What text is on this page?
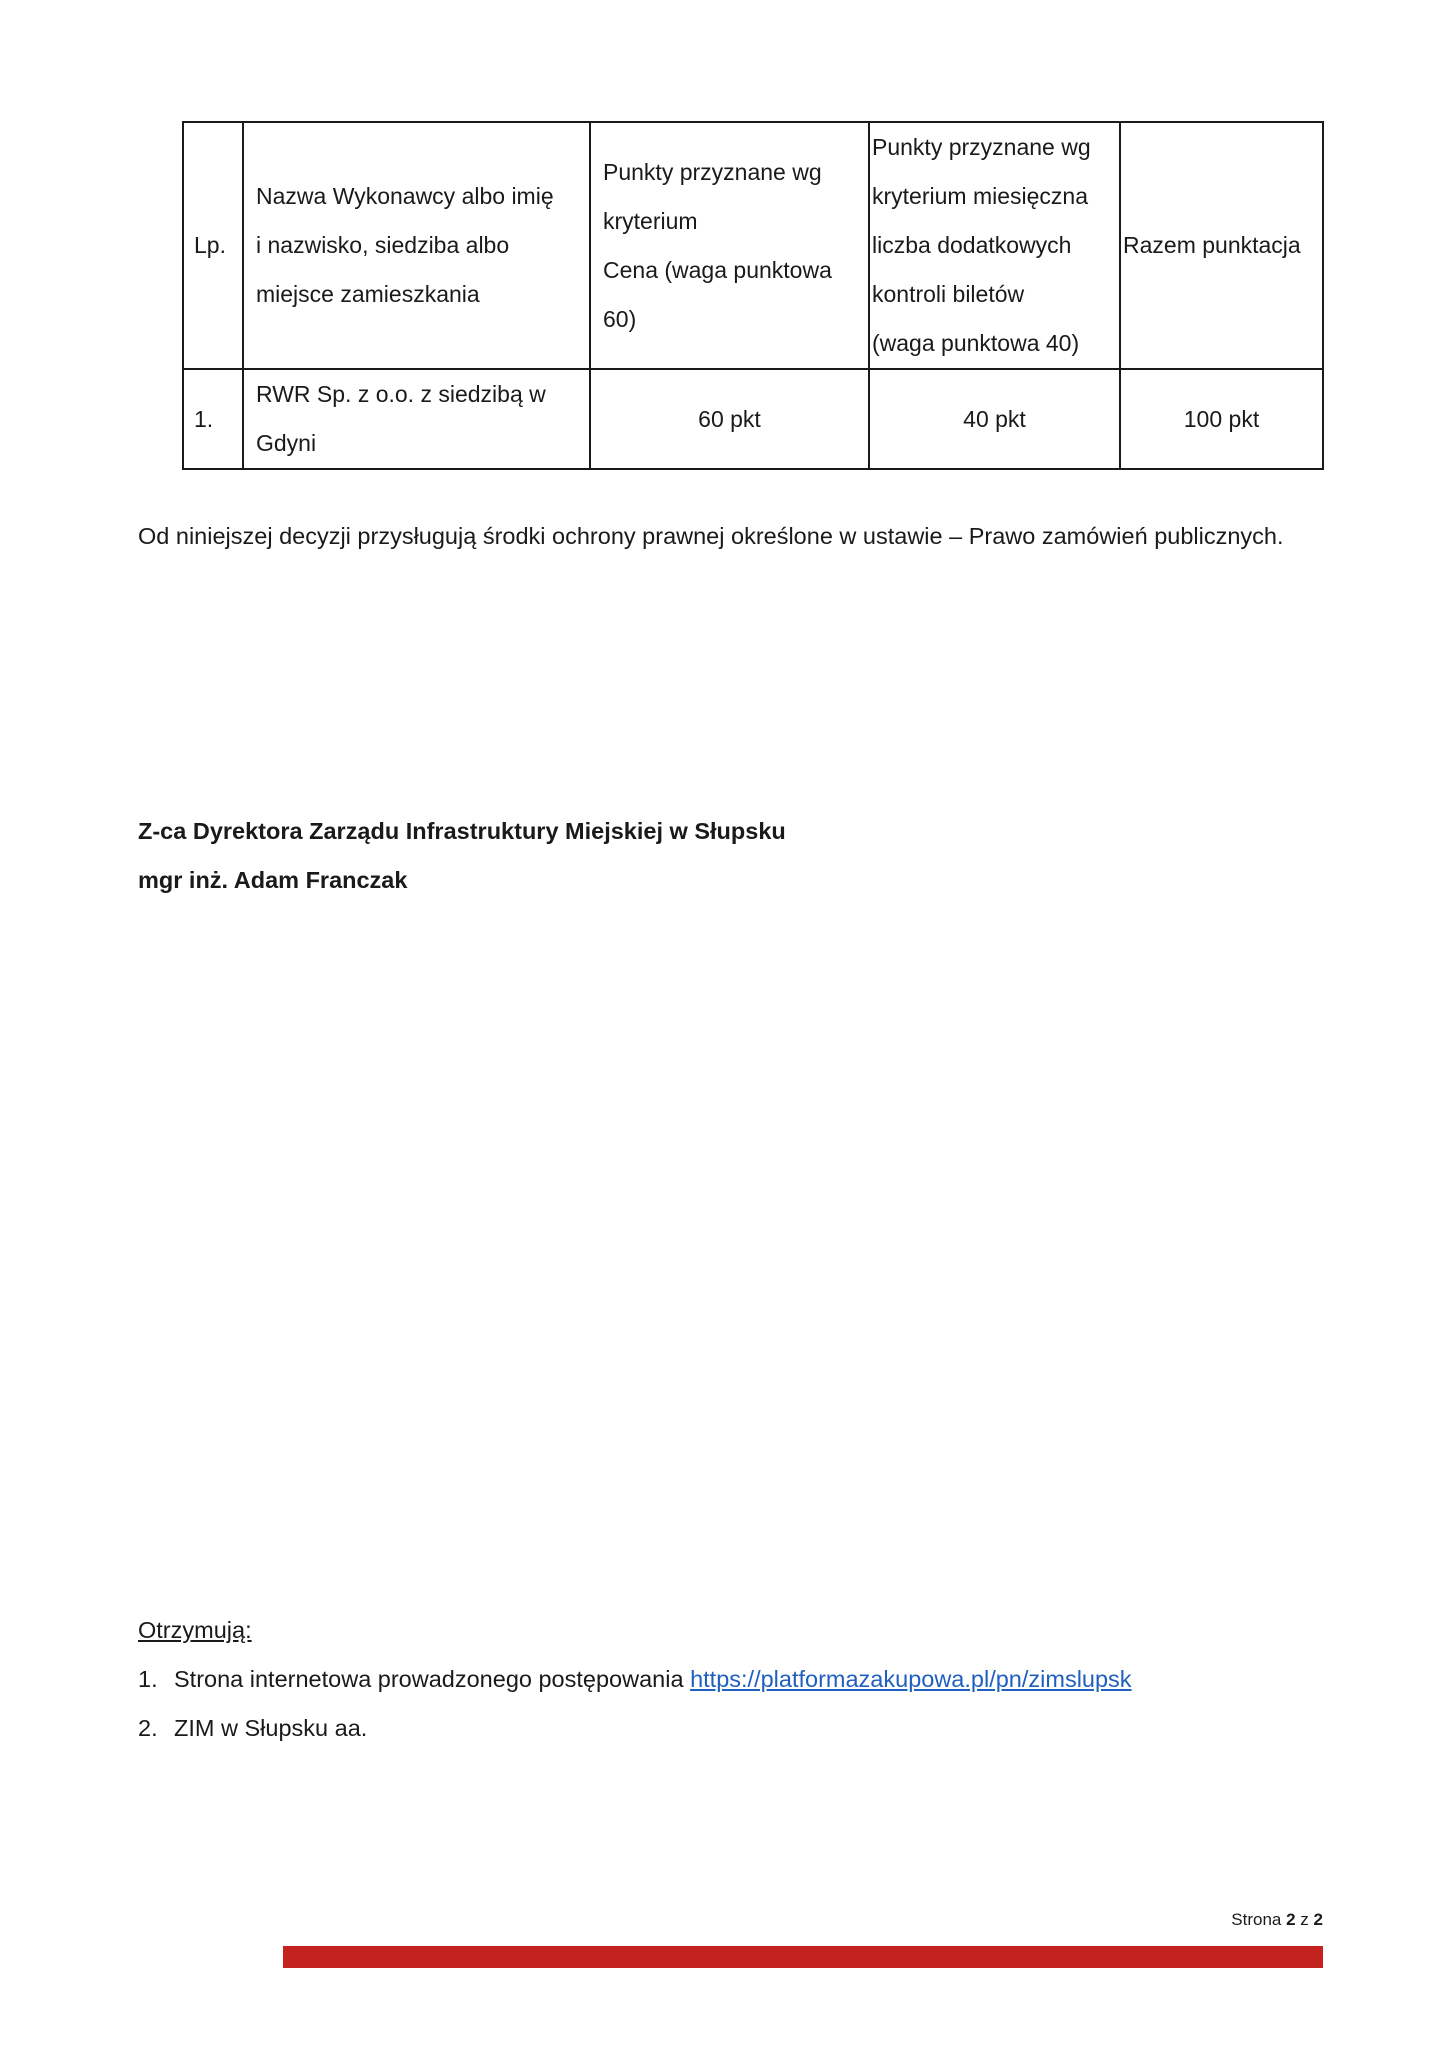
Lp.	Nazwa Wykonawcy albo imię
i nazwisko, siedziba albo
miejsce zamieszkania	Punkty przyznane wg
kryterium
Cena (waga punktowa
60)	Punkty przyznane wg
kryterium miesięczna
liczba dodatkowych
kontroli biletów
(waga punktowa 40)	Razem punktacja
1.	RWR Sp. z o.o. z siedzibą w
Gdyni	60 pkt	40 pkt	100 pkt
Od niniejszej decyzji przysługują środki ochrony prawnej określone w ustawie – Prawo zamówień publicznych.
Z-ca Dyrektora Zarządu Infrastruktury Miejskiej w Słupsku
mgr inż. Adam Franczak
Otrzymują:
1. Strona internetowa prowadzonego postępowania https://platformazakupowa.pl/pn/zimslupsk
2. ZIM w Słupsku aa.
Strona 2 z 2
